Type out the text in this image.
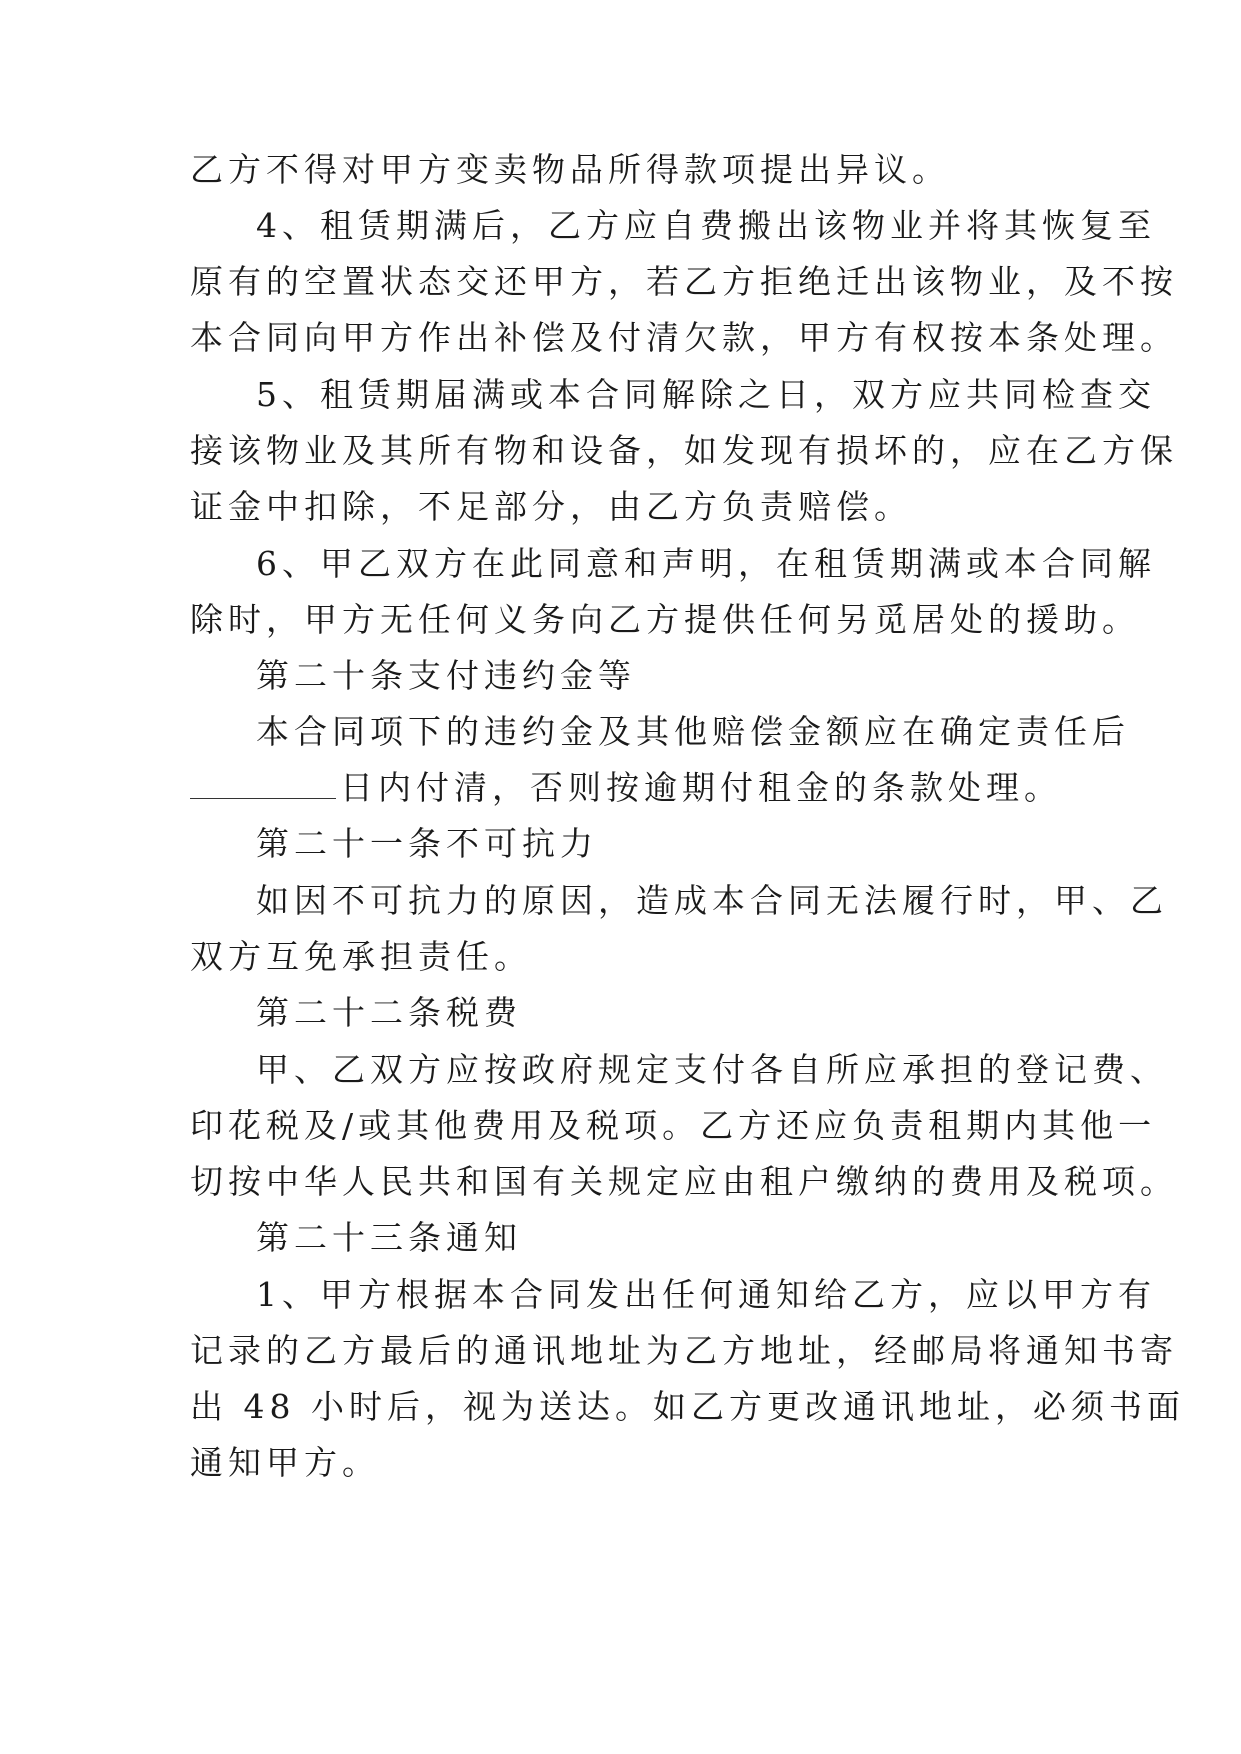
乙方不得对甲方变卖物品所得款项提出异议。
4、租赁期满后，乙方应自费搬出该物业并将其恢复至
原有的空置状态交还甲方，若乙方拒绝迁出该物业，及不按
本合同向甲方作出补偿及付清欠款，甲方有权按本条处理。
5、租赁期届满或本合同解除之日，双方应共同检查交
接该物业及其所有物和设备，如发现有损坏的，应在乙方保
证金中扣除，不足部分，由乙方负责赔偿。
6、甲乙双方在此同意和声明，在租赁期满或本合同解
除时，甲方无任何义务向乙方提供任何另觅居处的援助。
第二十条支付违约金等
本合同项下的违约金及其他赔偿金额应在确定责任后
日内付清，否则按逾期付租金的条款处理。
第二十一条不可抗力
如因不可抗力的原因，造成本合同无法履行时，甲、乙
双方互免承担责任。
第二十二条税费
甲、乙双方应按政府规定支付各自所应承担的登记费、
印花税及/或其他费用及税项。乙方还应负责租期内其他一
切按中华人民共和国有关规定应由租户缴纳的费用及税项。
第二十三条通知
1、甲方根据本合同发出任何通知给乙方，应以甲方有
记录的乙方最后的通讯地址为乙方地址，经邮局将通知书寄
出 48 小时后，视为送达。如乙方更改通讯地址，必须书面
通知甲方。
